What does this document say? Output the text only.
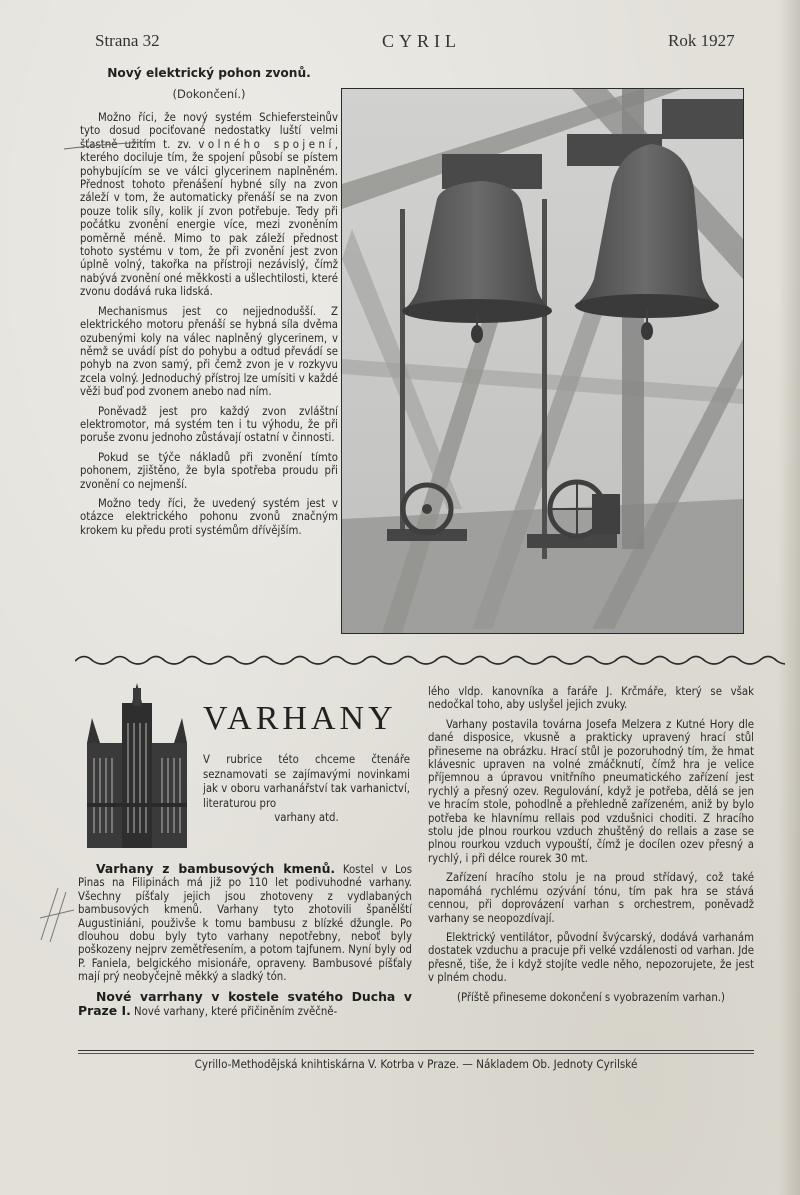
Strana 32	CYRIL	Rok 1927
Nový elektrický pohon zvonů.
(Dokončení.)

Možno říci, že nový systém Schiefersteinův tyto dosud pociťované nedostatky luští velmi šťastně užitím t. zv. volného spojení, kterého dociluje tím, že spojení působí se pístem pohybujícím se ve válci glycerinem naplněném. Přednost tohoto přenášení hybné síly na zvon záleží v tom, že automaticky přenáší se na zvon pouze tolik síly, kolik jí zvon potřebuje. Tedy při počátku zvonění energie více, mezi zvoněním poměrně méně. Mimo to pak záleží přednost tohoto systému v tom, že při zvonění jest zvon úplně volný, takořka na přístroji nezávislý, čímž nabývá zvonění oné měkkosti a ušlechtilosti, které zvonu dodává ruka lidská.

Mechanismus jest co nejjednodušší. Z elektrického motoru přenáší se hybná síla dvěma ozubenými koly na válec naplněný glycerinem, v němž se uvádí píst do pohybu a odtud převádí se pohyb na zvon samý, při čemž zvon je v rozkyvu zcela volný. Jednoduchý přístroj lze umísiti v každé věži buď pod zvonem anebo nad ním.

Poněvadž jest pro každý zvon zvláštní elektromotor, má systém ten i tu výhodu, že při poruše zvonu jednoho zůstávají ostatní v činnosti.

Pokud se týče nákladů při zvonění tímto pohonem, zjištěno, že byla spotřeba proudu při zvonění co nejmenší.

Možno tedy říci, že uvedený systém jest v otázce elektrického pohonu zvonů značným krokem ku předu proti systémům dřívějším.

VARHANY
V rubrice této chceme čtenáře seznamovati se zajímavými novinkami jak v oboru varhanářství tak varhanictví, literaturou pro
varhany atd.

Varhany z bambusových kmenů. Kostel v Los Pinas na Filipinách má již po 110 let podivuhodné varhany. Všechny píšťaly jejich jsou zhotoveny z vydlabaných bambusových kmenů. Varhany tyto zhotovili španělští Augustiniáni, použivše k tomu bambusu z blízké džungle. Po dlouhou dobu byly tyto varhany nepotřebny, neboť byly poškozeny nejprv zemětřesením, a potom tajfunem. Nyní byly od P. Faniela, belgického misionáře, opraveny. Bambusové píšťaly mají prý neobyčejně měkký a sladký tón.

Nové varrhany v kostele svatého Ducha v Praze I. Nové varhany, které přičiněním zvěčně-

lého vldp. kanovníka a faráře J. Krčmáře, který se však nedočkal toho, aby uslyšel jejich zvuky.

Varhany postavila továrna Josefa Melzera z Kutné Hory dle dané disposice, vkusně a prakticky upravený hrací stůl přineseme na obrázku. Hrací stůl je pozoruhodný tím, že hmat klávesnic upraven na volné zmáčknutí, čímž hra je velice příjemnou a úpravou vnitřního pneumatického zařízení jest rychlý a přesný ozev. Regulování, když je potřeba, dělá se jen ve hracím stole, pohodlně a přehledně zařízeném, aniž by bylo potřeba ke hlavnímu rellais pod vzdušnici choditi. Z hracího stolu jde plnou rourkou vzduch zhuštěný do rellais a zase se plnou rourkou vzduch vypouští, čímž je docílen ozev přesný a rychlý, i při délce rourek 30 mt.

Zařízení hracího stolu je na proud střídavý, což také napomáhá rychlému ozývání tónu, tím pak hra se stává cennou, při doprovázení varhan s orchestrem, poněvadž varhany se neopozdívají.

Elektrický ventilátor, původní švýcarský, dodává varhanám dostatek vzduchu a pracuje při velké vzdálenosti od varhan. Jde přesně, tiše, že i když stojíte vedle něho, nepozorujete, že jest v plném chodu.

(Příště přineseme dokončení s vyobrazením varhan.)

Cyrillo-Methodějská knihtiskárna V. Kotrba v Praze. — Nákladem Ob. Jednoty Cyrilské
